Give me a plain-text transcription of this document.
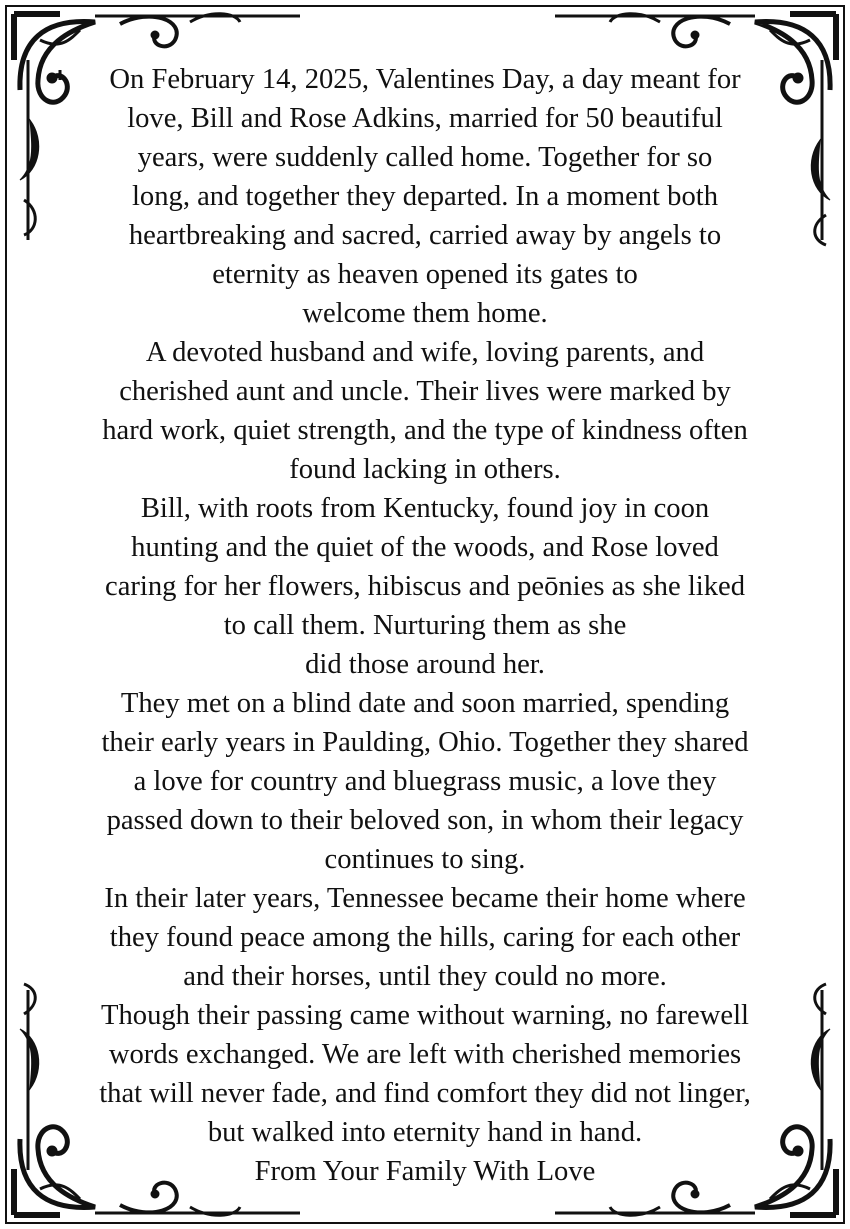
On February 14, 2025, Valentines Day, a day meant for
love, Bill and Rose Adkins, married for 50 beautiful
years, were suddenly called home. Together for so
long, and together they departed. In a moment both
heartbreaking and sacred, carried away by angels to
eternity as heaven opened its gates to
welcome them home.
A devoted husband and wife, loving parents, and
cherished aunt and uncle. Their lives were marked by
hard work, quiet strength, and the type of kindness often
found lacking in others.
Bill, with roots from Kentucky, found joy in coon
hunting and the quiet of the woods, and Rose loved
caring for her flowers, hibiscus and peōnies as she liked
to call them. Nurturing them as she
did those around her.
They met on a blind date and soon married, spending
their early years in Paulding, Ohio. Together they shared
a love for country and bluegrass music, a love they
passed down to their beloved son, in whom their legacy
continues to sing.
In their later years, Tennessee became their home where
they found peace among the hills, caring for each other
and their horses, until they could no more.
Though their passing came without warning, no farewell
words exchanged. We are left with cherished memories
that will never fade, and find comfort they did not linger,
but walked into eternity hand in hand.
From Your Family With Love
